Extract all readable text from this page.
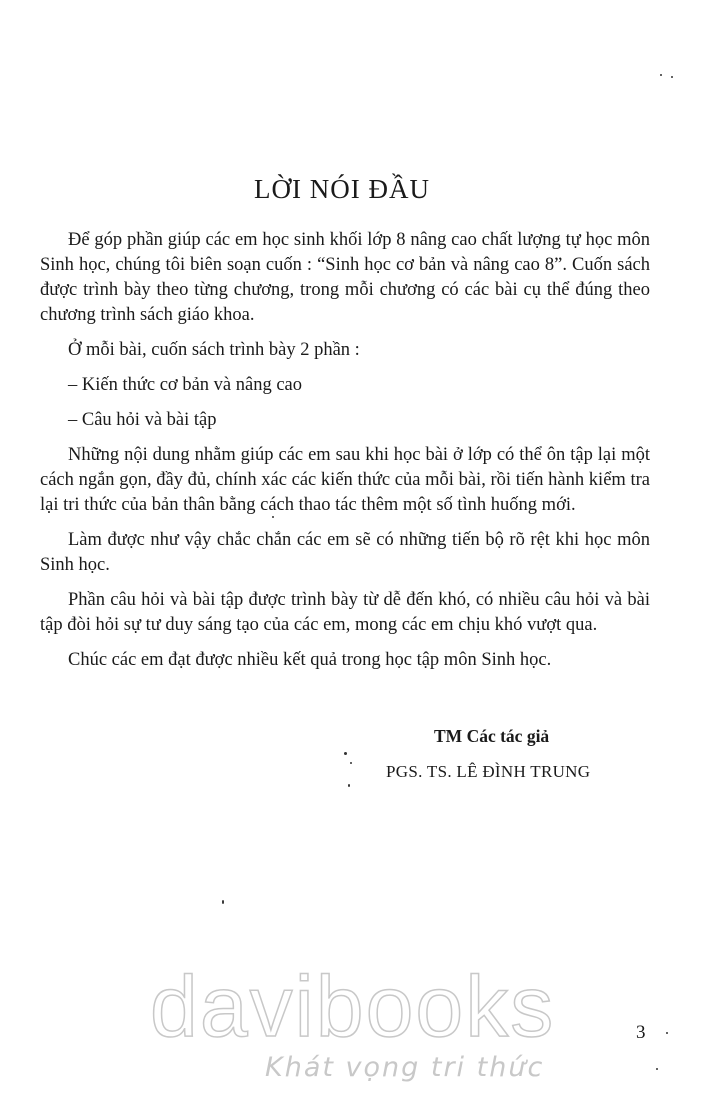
LỜI NÓI ĐẦU

Để góp phần giúp các em học sinh khối lớp 8 nâng cao chất lượng tự học môn Sinh học, chúng tôi biên soạn cuốn : “Sinh học cơ bản và nâng cao 8”. Cuốn sách được trình bày theo từng chương, trong mỗi chương có các bài cụ thể đúng theo chương trình sách giáo khoa.

Ở mỗi bài, cuốn sách trình bày 2 phần :

– Kiến thức cơ bản và nâng cao

– Câu hỏi và bài tập

Những nội dung nhằm giúp các em sau khi học bài ở lớp có thể ôn tập lại một cách ngắn gọn, đầy đủ, chính xác các kiến thức của mỗi bài, rồi tiến hành kiểm tra lại tri thức của bản thân bằng cách thao tác thêm một số tình huống mới.

Làm được như vậy chắc chắn các em sẽ có những tiến bộ rõ rệt khi học môn Sinh học.

Phần câu hỏi và bài tập được trình bày từ dễ đến khó, có nhiều câu hỏi và bài tập đòi hỏi sự tư duy sáng tạo của các em, mong các em chịu khó vượt qua.

Chúc các em đạt được nhiều kết quả trong học tập môn Sinh học.

TM Các tác giả
PGS. TS. LÊ ĐÌNH TRUNG
3
davibooks
Khát vọng tri thức
